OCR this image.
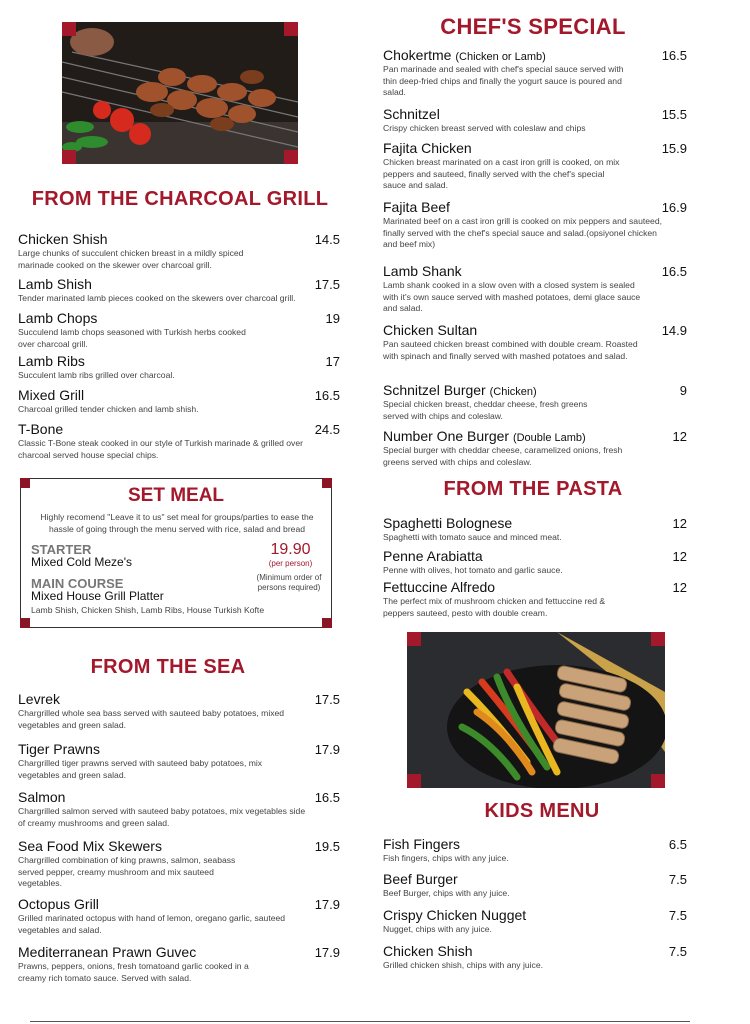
FROM THE CHARCOAL GRILL
Chicken Shish	14.5
Large chunks of succulent chicken breast in a mildly spiced marinade cooked on the skewer over charcoal grill.
Lamb Shish	17.5
Tender marinated lamb pieces cooked on the skewers over charcoal grill.
Lamb Chops	19
Succulend lamb chops seasoned with Turkish herbs cooked over charcoal grill.
Lamb Ribs	17
Succulent lamb ribs grilled over charcoal.
Mixed Grill	16.5
Charcoal grilled tender chicken and lamb shish.
T-Bone	24.5
Classic T-Bone steak cooked in our style of Turkish marinade & grilled over charcoal served house special chips.
SET MEAL
Highly recomend "Leave it to us" set meal for groups/parties to ease the hassle of going through the menu served with rice, salad and bread
STARTER
Mixed Cold Meze's
MAIN COURSE
Mixed House Grill Platter
19.90
(per person)
(Minimum order of persons required)
Lamb Shish, Chicken Shish, Lamb Ribs, House Turkish Kofte
FROM THE SEA
Levrek	17.5
Chargrilled whole sea bass served with sauteed baby potatoes, mixed vegetables and green salad.
Tiger Prawns	17.9
Chargrilled tiger prawns served with sauteed baby potatoes, mix vegetables and green salad.
Salmon	16.5
Chargrilled salmon served with sauteed baby potatoes, mix vegetables side of creamy mushrooms and green salad.
Sea Food Mix Skewers	19.5
Chargrilled combination of king prawns, salmon, seabass served pepper, creamy mushroom and mix sauteed vegetables.
Octopus Grill	17.9
Grilled marinated octopus with hand of lemon, oregano garlic, sauteed vegetables and salad.
Mediterranean Prawn Guvec	17.9
Prawns, peppers, onions, fresh tomatoand garlic cooked in a creamy rich tomato sauce. Served with salad.
CHEF'S SPECIAL
Chokertme (Chicken or Lamb)	16.5
Pan marinade and sealed with chef's special sauce served with thin deep-fried chips and finally the yogurt sauce is poured and salad.
Schnitzel	15.5
Crispy chicken breast served with coleslaw and chips
Fajita Chicken	15.9
Chicken breast marinated on a cast iron grill is cooked, on mix peppers and sauteed, finally served with the chef's special sauce and salad.
Fajita Beef	16.9
Marinated beef on a cast iron grill is cooked on mix peppers and sauteed, finally served with the chef's special sauce and salad.(opsiyonel chicken and beef mix)
Lamb Shank	16.5
Lamb shank cooked in a slow oven with a closed system is sealed with it's own sauce served with mashed potatoes, demi glace sauce and salad.
Chicken Sultan	14.9
Pan sauteed chicken breast combined with double cream. Roasted with spinach and finally served with mashed potatoes and salad.
Schnitzel Burger (Chicken)	9
Special chicken breast, cheddar cheese, fresh greens served with chips and coleslaw.
Number One Burger (Double Lamb)	12
Special burger with cheddar cheese, caramelized onions, fresh greens served with chips and coleslaw.
FROM THE PASTA
Spaghetti Bolognese	12
Spaghetti with tomato sauce and minced meat.
Penne Arabiatta	12
Penne with olives, hot tomato and garlic sauce.
Fettuccine Alfredo	12
The perfect mix of mushroom chicken and fettuccine red & peppers sauteed, pesto with double cream.
KIDS MENU
Fish Fingers	6.5
Fish fingers, chips with any juice.
Beef Burger	7.5
Beef Burger, chips with any juice.
Crispy Chicken Nugget	7.5
Nugget, chips with any juice.
Chicken Shish	7.5
Grilled chicken shish, chips with any juice.
